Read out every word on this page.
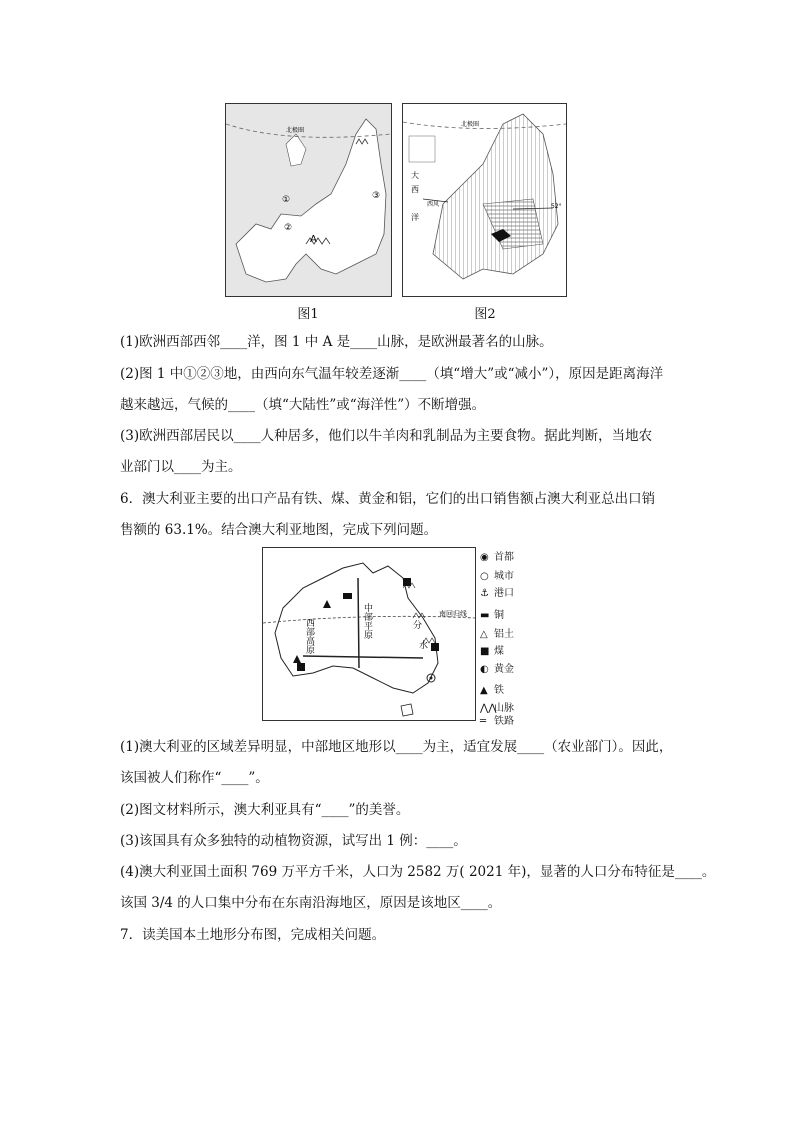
北极圈
A
①
②
③
图1
北极圈
大
西
洋
西风	52°
图2
(1)欧洲西部西邻____洋，图 1 中 A 是____山脉，是欧洲最著名的山脉。
(2)图 1 中①②③地，由西向东气温年较差逐渐____（填“增大”或“减小”），原因是距离海洋
越来越远，气候的____（填“大陆性”或“海洋性”）不断增强。
(3)欧洲西部居民以____人种居多，他们以牛羊肉和乳制品为主要食物。据此判断，当地农
业部门以____为主。
6．澳大利亚主要的出口产品有铁、煤、黄金和铝，它们的出口销售额占澳大利亚总出口销
售额的 63.1%。结合澳大利亚地图，完成下列问题。
西部高原	中部平原	南回归线
分
水
◉ 首都
○ 城市
⚓ 港口
▬ 铜
△ 铝土
■ 煤
◐ 黄金
▲ 铁
⋀⋀山脉
═ 铁路
(1)澳大利亚的区域差异明显，中部地区地形以____为主，适宜发展____（农业部门）。因此，
该国被人们称作“____”。
(2)图文材料所示，澳大利亚具有“____”的美誉。
(3)该国具有众多独特的动植物资源，试写出 1 例：____。
(4)澳大利亚国土面积 769 万平方千米，人口为 2582 万( 2021 年)，显著的人口分布特征是____。
该国 3/4 的人口集中分布在东南沿海地区，原因是该地区____。
7．读美国本土地形分布图，完成相关问题。
